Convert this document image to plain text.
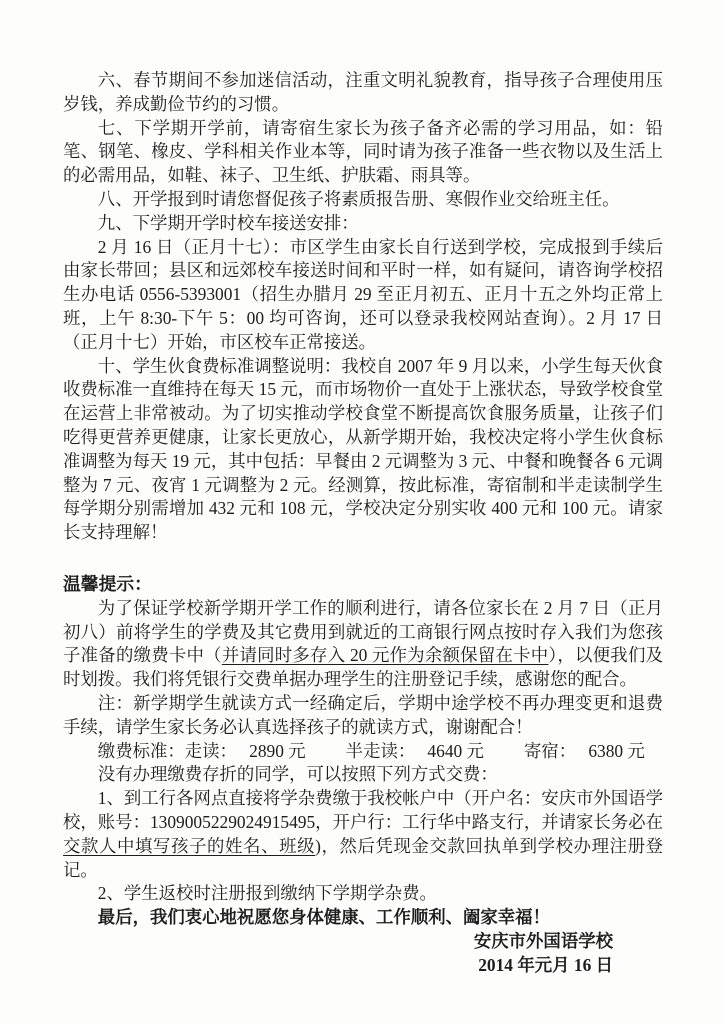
六、春节期间不参加迷信活动，注重文明礼貌教育，指导孩子合理使用压岁钱，养成勤俭节约的习惯。

七、下学期开学前，请寄宿生家长为孩子备齐必需的学习用品，如：铅笔、钢笔、橡皮、学科相关作业本等，同时请为孩子准备一些衣物以及生活上的必需用品，如鞋、袜子、卫生纸、护肤霜、雨具等。

八、开学报到时请您督促孩子将素质报告册、寒假作业交给班主任。

九、下学期开学时校车接送安排：

2 月 16 日（正月十七）：市区学生由家长自行送到学校，完成报到手续后由家长带回；县区和远郊校车接送时间和平时一样，如有疑问，请咨询学校招生办电话 0556-5393001（招生办腊月 29 至正月初五、正月十五之外均正常上班，上午 8:30-下午 5：00 均可咨询，还可以登录我校网站查询）。2 月 17 日（正月十七）开始，市区校车正常接送。

十、学生伙食费标准调整说明：我校自 2007 年 9 月以来，小学生每天伙食收费标准一直维持在每天 15 元，而市场物价一直处于上涨状态，导致学校食堂在运营上非常被动。为了切实推动学校食堂不断提高饮食服务质量，让孩子们吃得更营养更健康，让家长更放心，从新学期开始，我校决定将小学生伙食标准调整为每天 19 元，其中包括：早餐由 2 元调整为 3 元、中餐和晚餐各 6 元调整为 7 元、夜宵 1 元调整为 2 元。经测算，按此标准，寄宿制和半走读制学生每学期分别需增加 432 元和 108 元，学校决定分别实收 400 元和 100 元。请家长支持理解！

温馨提示：

为了保证学校新学期开学工作的顺利进行，请各位家长在 2 月 7 日（正月初八）前将学生的学费及其它费用到就近的工商银行网点按时存入我们为您孩子准备的缴费卡中（并请同时多存入 20 元作为余额保留在卡中），以便我们及时划拨。我们将凭银行交费单据办理学生的注册登记手续，感谢您的配合。

注：新学期学生就读方式一经确定后，学期中途学校不再办理变更和退费手续，请学生家长务必认真选择孩子的就读方式，谢谢配合！

缴费标准：走读： 2890 元 半走读： 4640 元 寄宿： 6380 元

没有办理缴费存折的同学，可以按照下列方式交费：

1、到工行各网点直接将学杂费缴于我校帐户中（开户名：安庆市外国语学校，账号：1309005229024915495，开户行：工行华中路支行，并请家长务必在交款人中填写孩子的姓名、班级)，然后凭现金交款回执单到学校办理注册登记。

2、学生返校时注册报到缴纳下学期学杂费。

最后，我们衷心地祝愿您身体健康、工作顺利、阖家幸福！

安庆市外国语学校

2014 年元月 16 日
